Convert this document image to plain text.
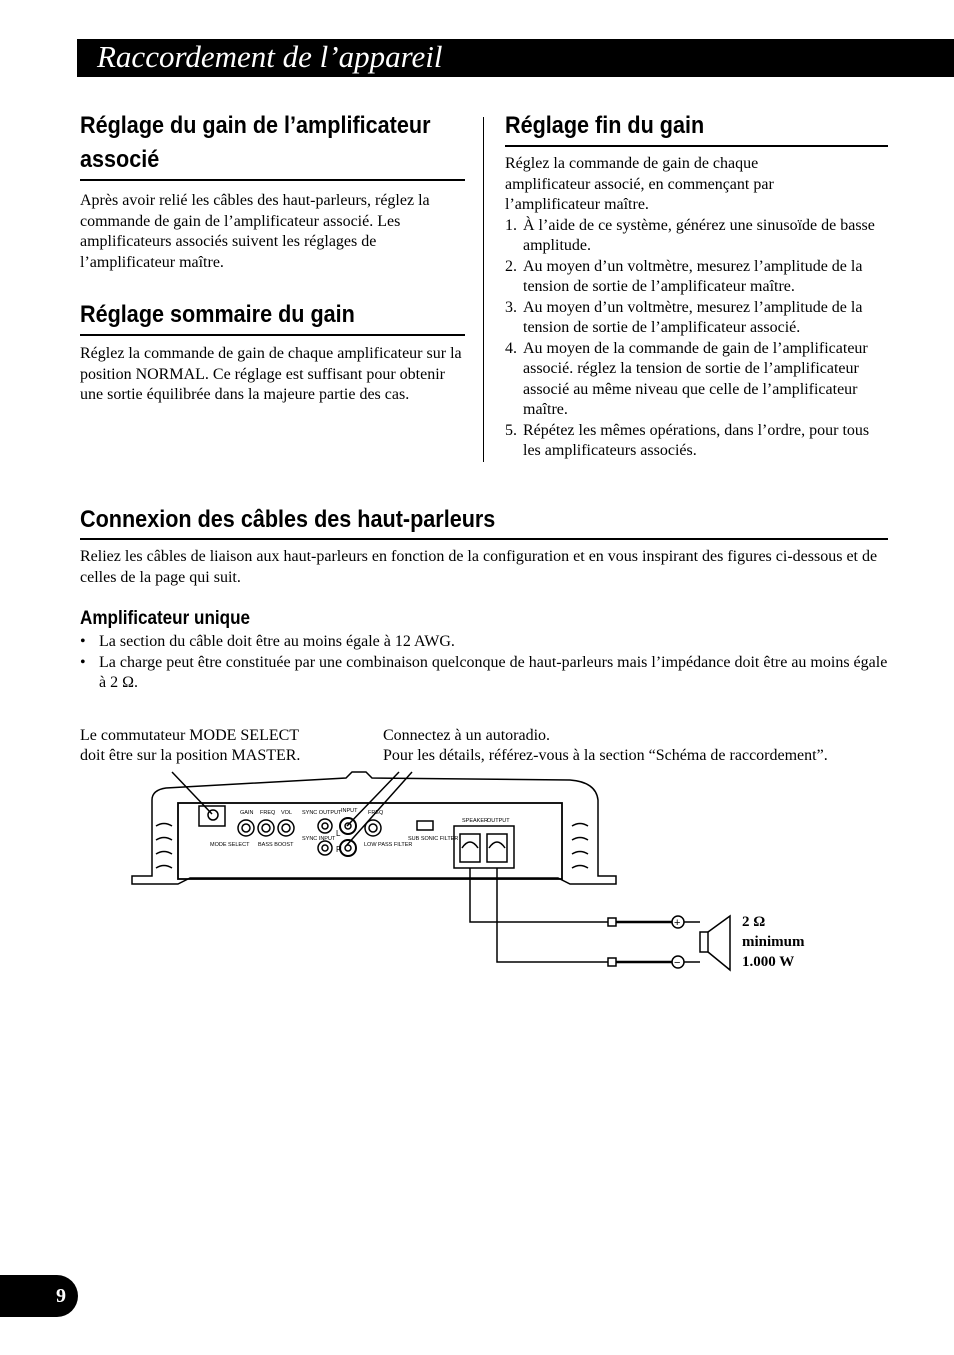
Raccordement de l’appareil
Réglage du gain de l’amplificateur
associé

Après avoir relié les câbles des haut-parleurs, réglez la commande de gain de l’amplificateur associé. Les amplificateurs associés suivent les réglages de l’amplificateur maître.

Réglage sommaire du gain

Réglez la commande de gain de chaque amplificateur sur la position NORMAL. Ce réglage est suffisant pour obtenir une sortie équilibrée dans la majeure partie des cas.

Réglage fin du gain

Réglez la commande de gain de chaque amplificateur associé, en commençant par l’amplificateur maître.

1. À l’aide de ce système, générez une sinusoïde de basse amplitude.
2. Au moyen d’un voltmètre, mesurez l’amplitude de la tension de sortie de l’amplificateur maître.
3. Au moyen d’un voltmètre, mesurez l’amplitude de la tension de sortie de l’amplificateur associé.
4. Au moyen de la commande de gain de l’amplificateur associé. réglez la tension de sortie de l’amplificateur associé au même niveau que celle de l’amplificateur maître.
5. Répétez les mêmes opérations, dans l’ordre, pour tous les amplificateurs associés.
Connexion des câbles des haut-parleurs

Reliez les câbles de liaison aux haut-parleurs en fonction de la configuration et en vous inspirant des figures ci-dessous et de celles de la page qui suit.

Amplificateur unique
• La section du câble doit être au moins égale à 12 AWG.
• La charge peut être constituée par une combinaison quelconque de haut-parleurs mais l’impédance doit être au moins égale à 2 Ω.
Le commutateur MODE SELECT
doit être sur la position MASTER.
Connectez à un autoradio.
Pour les détails, référez-vous à la section “Schéma de raccordement”.
GAIN FREQ VOL SYNC OUTPUT INPUT FREQ
SPEAKER OUTPUT
MODE SELECT BASS BOOST
SYNC INPUT
LOW PASS FILTER
SUB SONIC FILTER
L
R
+
−
2 Ω
minimum
1.000 W
9
